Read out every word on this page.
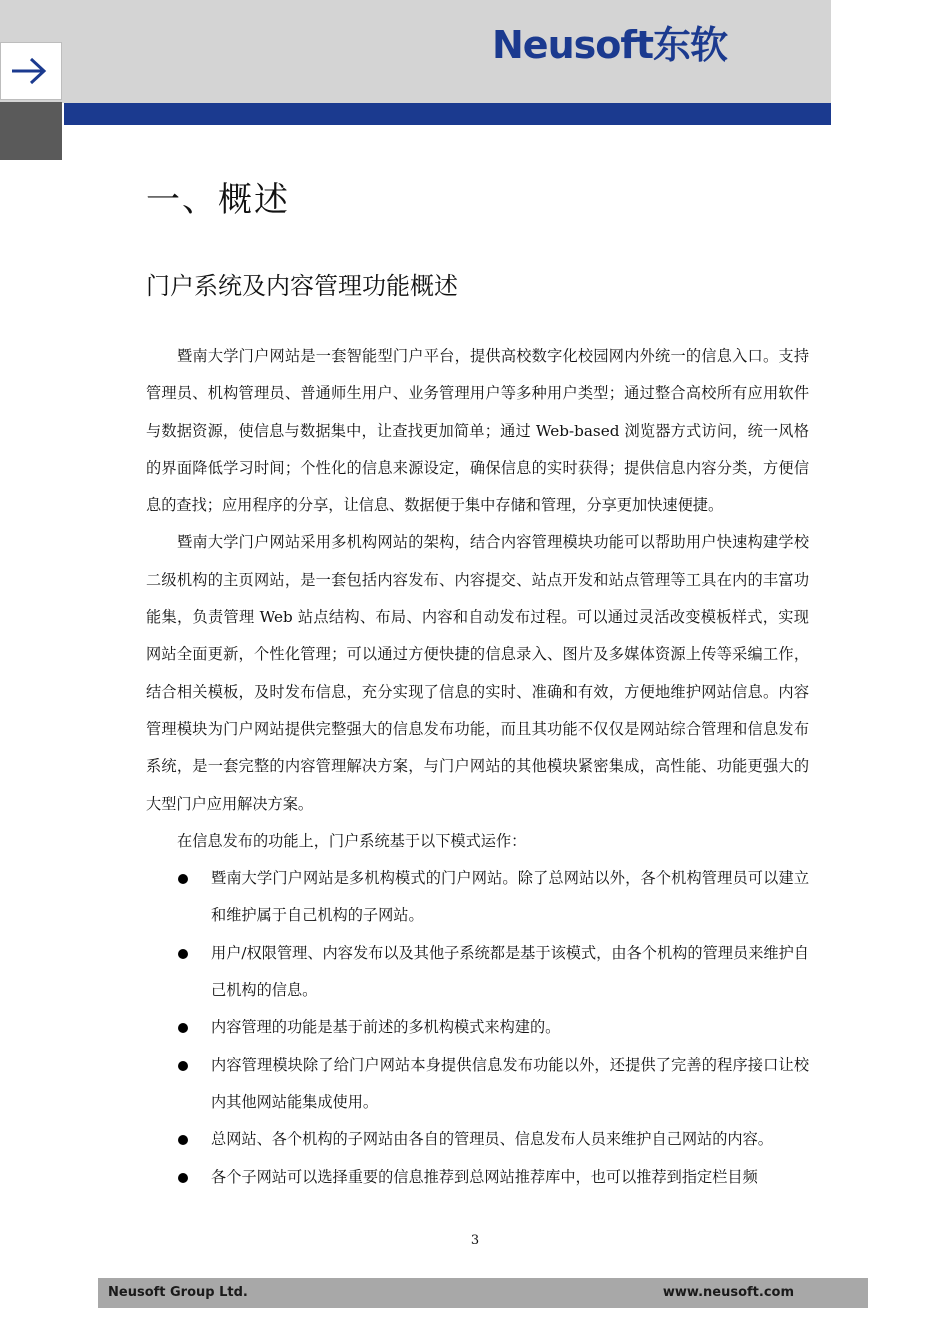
Neusoft东软
一、概述
门户系统及内容管理功能概述

暨南大学门户网站是一套智能型门户平台，提供高校数字化校园网内外统一的信息入口。支持管理员、机构管理员、普通师生用户、业务管理用户等多种用户类型；通过整合高校所有应用软件与数据资源，使信息与数据集中，让查找更加简单；通过 Web-based 浏览器方式访问，统一风格的界面降低学习时间；个性化的信息来源设定，确保信息的实时获得；提供信息内容分类，方便信息的查找；应用程序的分享，让信息、数据便于集中存储和管理，分享更加快速便捷。

暨南大学门户网站采用多机构网站的架构，结合内容管理模块功能可以帮助用户快速构建学校二级机构的主页网站，是一套包括内容发布、内容提交、站点开发和站点管理等工具在内的丰富功能集，负责管理 Web 站点结构、布局、内容和自动发布过程。可以通过灵活改变模板样式，实现网站全面更新，个性化管理；可以通过方便快捷的信息录入、图片及多媒体资源上传等采编工作，结合相关模板，及时发布信息，充分实现了信息的实时、准确和有效，方便地维护网站信息。内容管理模块为门户网站提供完整强大的信息发布功能，而且其功能不仅仅是网站综合管理和信息发布系统，是一套完整的内容管理解决方案，与门户网站的其他模块紧密集成，高性能、功能更强大的大型门户应用解决方案。

在信息发布的功能上，门户系统基于以下模式运作：

暨南大学门户网站是多机构模式的门户网站。除了总网站以外，各个机构管理员可以建立和维护属于自己机构的子网站。
用户/权限管理、内容发布以及其他子系统都是基于该模式，由各个机构的管理员来维护自己机构的信息。
内容管理的功能是基于前述的多机构模式来构建的。
内容管理模块除了给门户网站本身提供信息发布功能以外，还提供了完善的程序接口让校内其他网站能集成使用。
总网站、各个机构的子网站由各自的管理员、信息发布人员来维护自己网站的内容。
各个子网站可以选择重要的信息推荐到总网站推荐库中，也可以推荐到指定栏目频
3
Neusoft Group Ltd.	www.neusoft.com
